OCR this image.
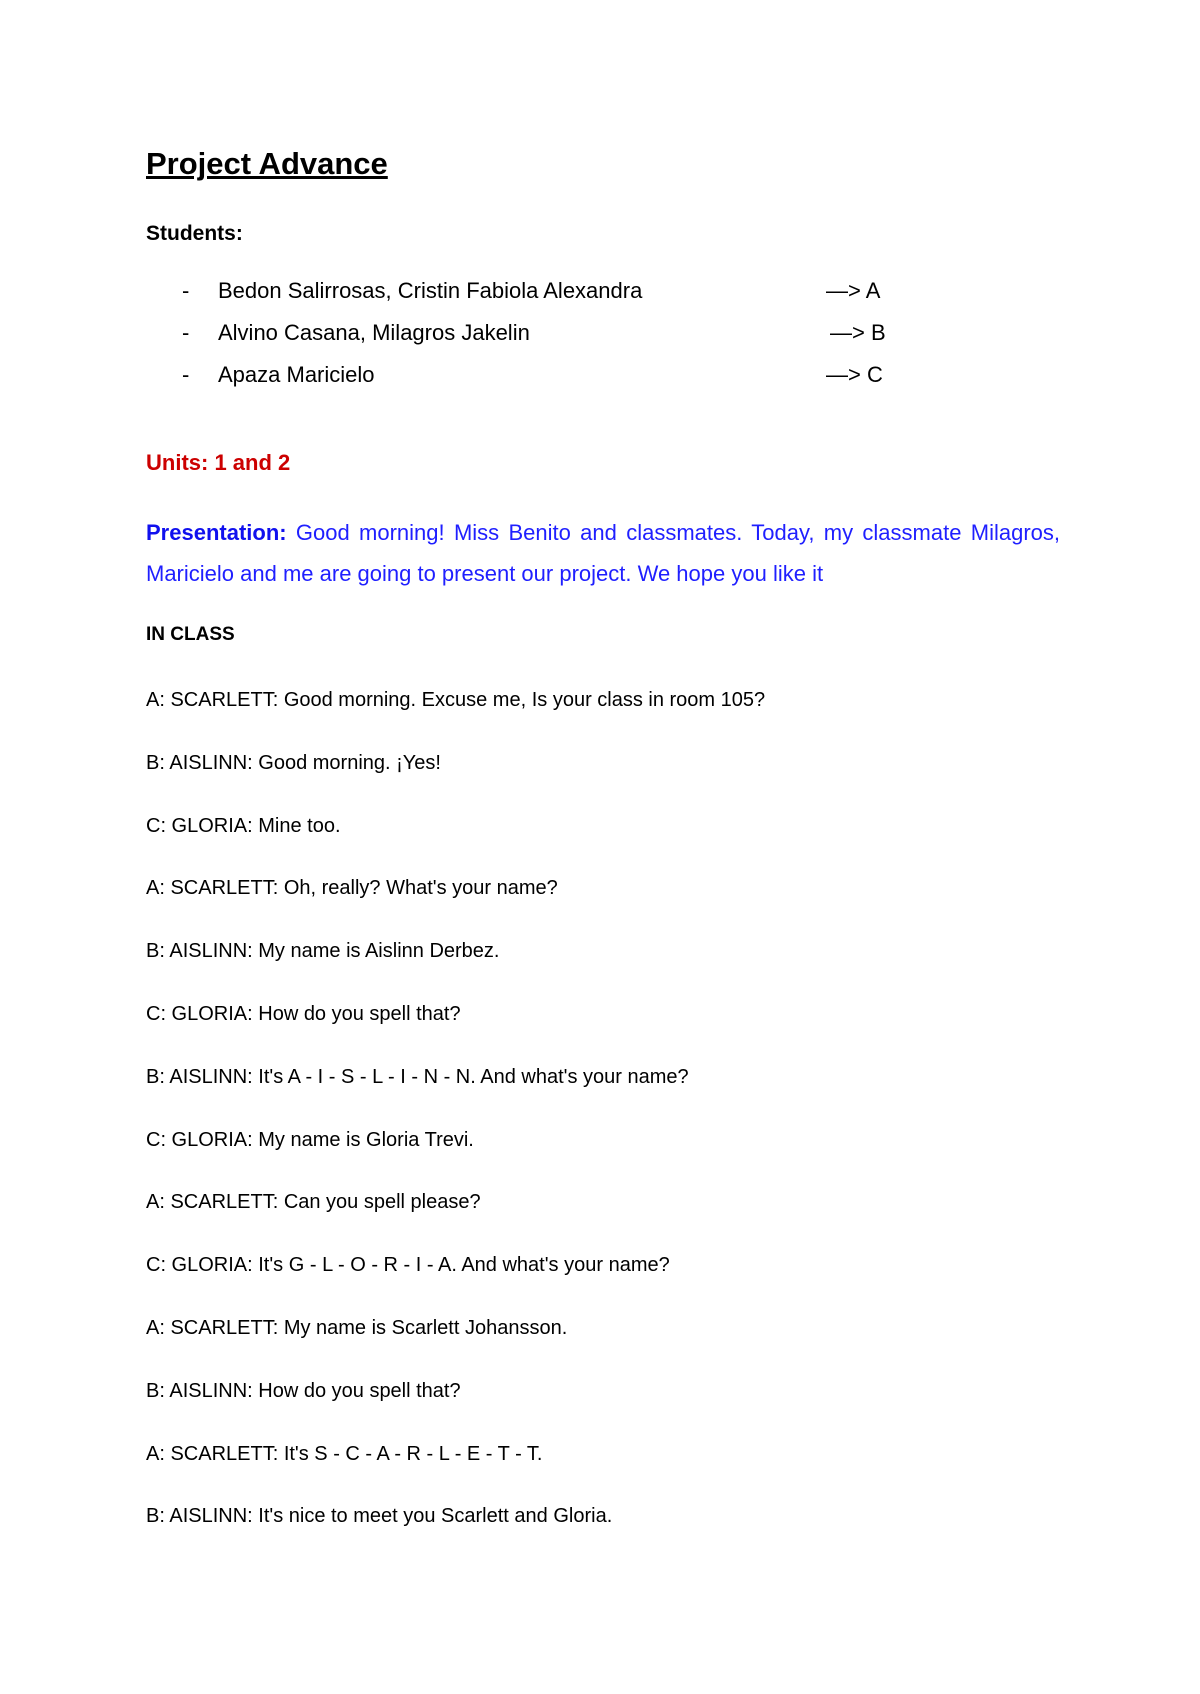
Project Advance

Students:

- Bedon Salirrosas, Cristin Fabiola Alexandra	—> A
- Alvino Casana, Milagros Jakelin	—> B
- Apaza Maricielo	—> C

Units: 1 and 2

Presentation: Good morning! Miss Benito and classmates. Today, my classmate Milagros, Maricielo and me are going to present our project. We hope you like it

IN CLASS

A: SCARLETT: Good morning. Excuse me, Is your class in room 105?
B: AISLINN: Good morning. ¡Yes!
C: GLORIA: Mine too.
A: SCARLETT: Oh, really? What's your name?
B: AISLINN: My name is Aislinn Derbez.
C: GLORIA: How do you spell that?
B: AISLINN: It's A - I - S - L - I - N - N. And what's your name?
C: GLORIA: My name is Gloria Trevi.
A: SCARLETT: Can you spell please?
C: GLORIA: It's G - L - O - R - I - A. And what's your name?
A: SCARLETT: My name is Scarlett Johansson.
B: AISLINN: How do you spell that?
A: SCARLETT: It's S - C - A - R - L - E - T - T.
B: AISLINN: It's nice to meet you Scarlett and Gloria.
